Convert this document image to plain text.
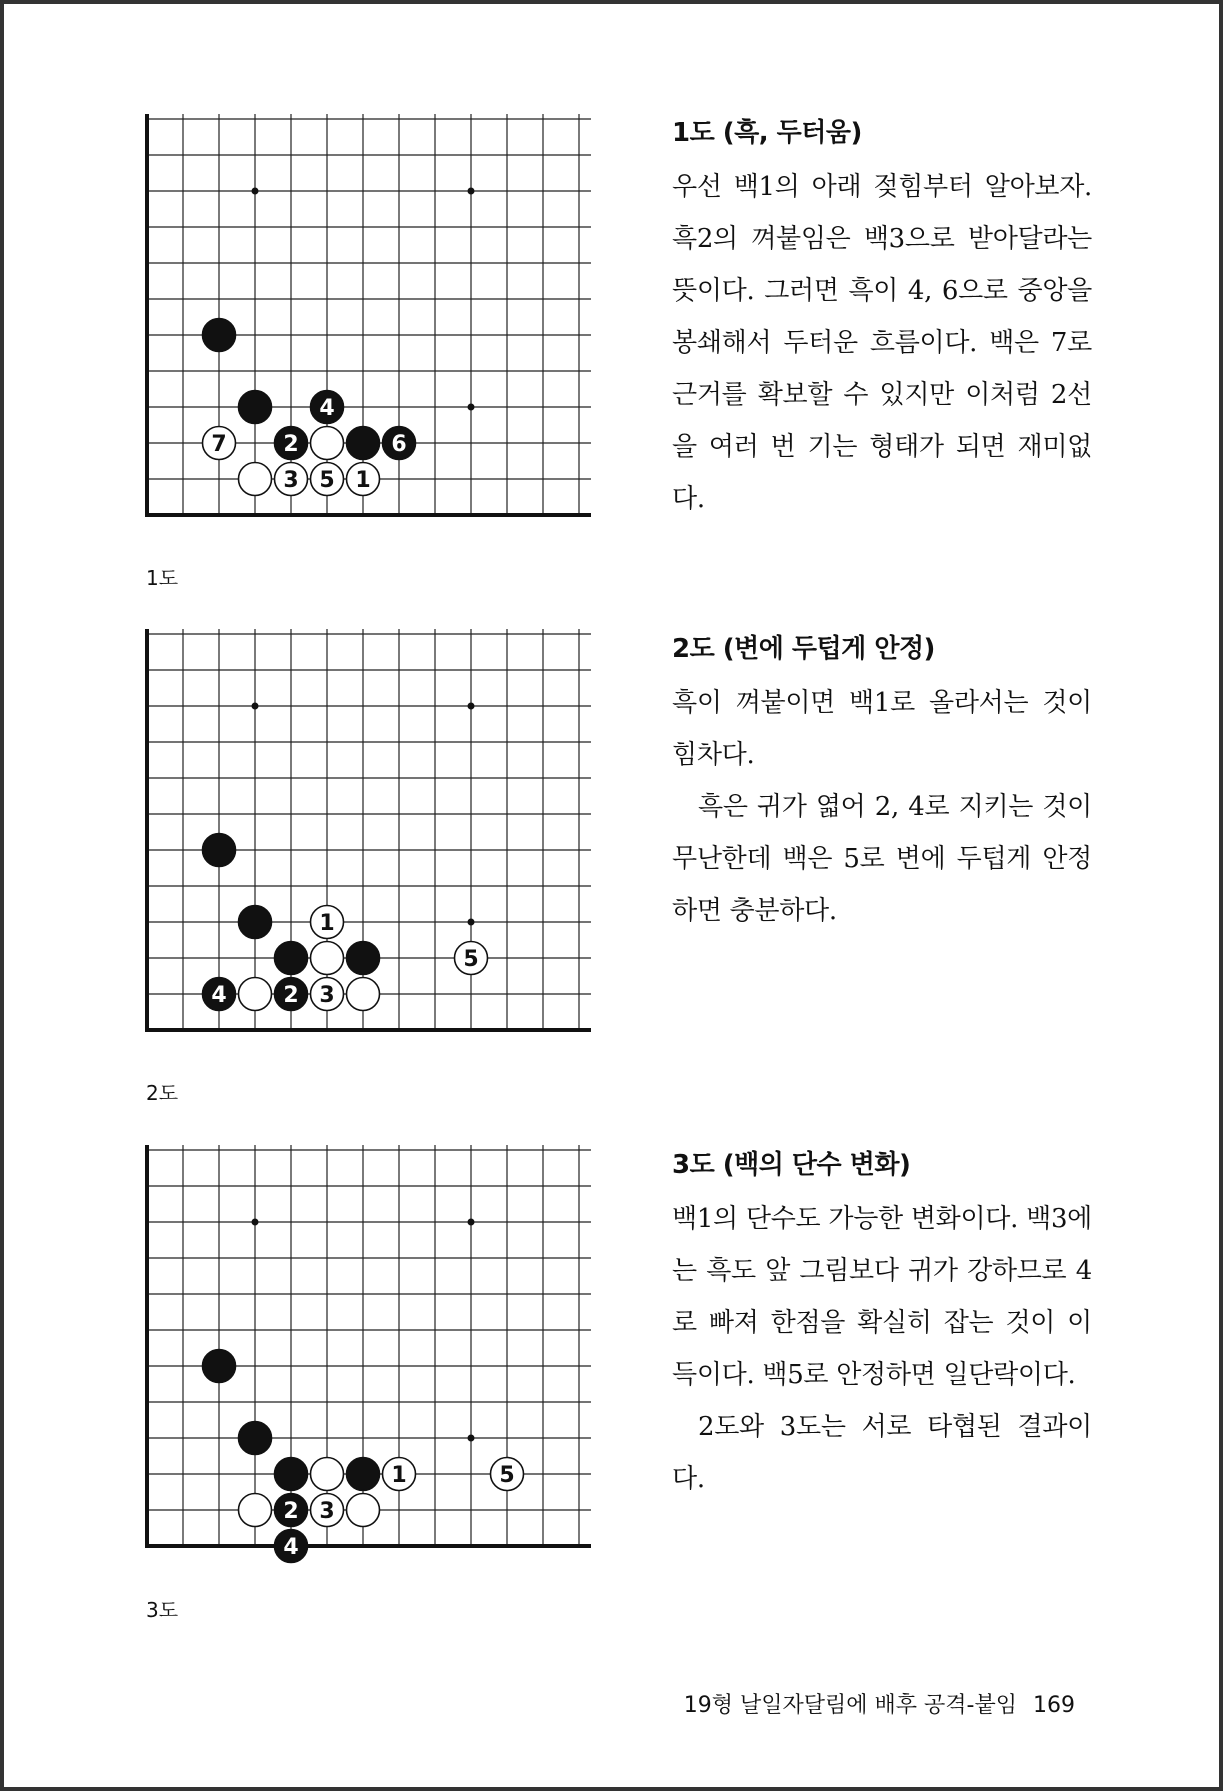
4
7	2	6
3 5 1
1도
1도 (흑, 두터움)

우선 백1의 아래 젖힘부터 알아보자. 흑2의 껴붙임은 백3으로 받아달라는 뜻이다. 그러면 흑이 4, 6으로 중앙을 봉쇄해서 두터운 흐름이다. 백은 7로 근거를 확보할 수 있지만 이처럼 2선을 여러 번 기는 형태가 되면 재미없다.

1
5
4	2 3
2도
2도 (변에 두텁게 안정)

흑이 껴붙이면 백1로 올라서는 것이 힘차다.

흑은 귀가 엷어 2, 4로 지키는 것이 무난한데 백은 5로 변에 두텁게 안정하면 충분하다.

1	5
2 3
4
3도
3도 (백의 단수 변화)

백1의 단수도 가능한 변화이다. 백3에는 흑도 앞 그림보다 귀가 강하므로 4로 빠져 한점을 확실히 잡는 것이 이득이다. 백5로 안정하면 일단락이다.

2도와 3도는 서로 타협된 결과이다.

19형 날일자달림에 배후 공격-붙임 169
